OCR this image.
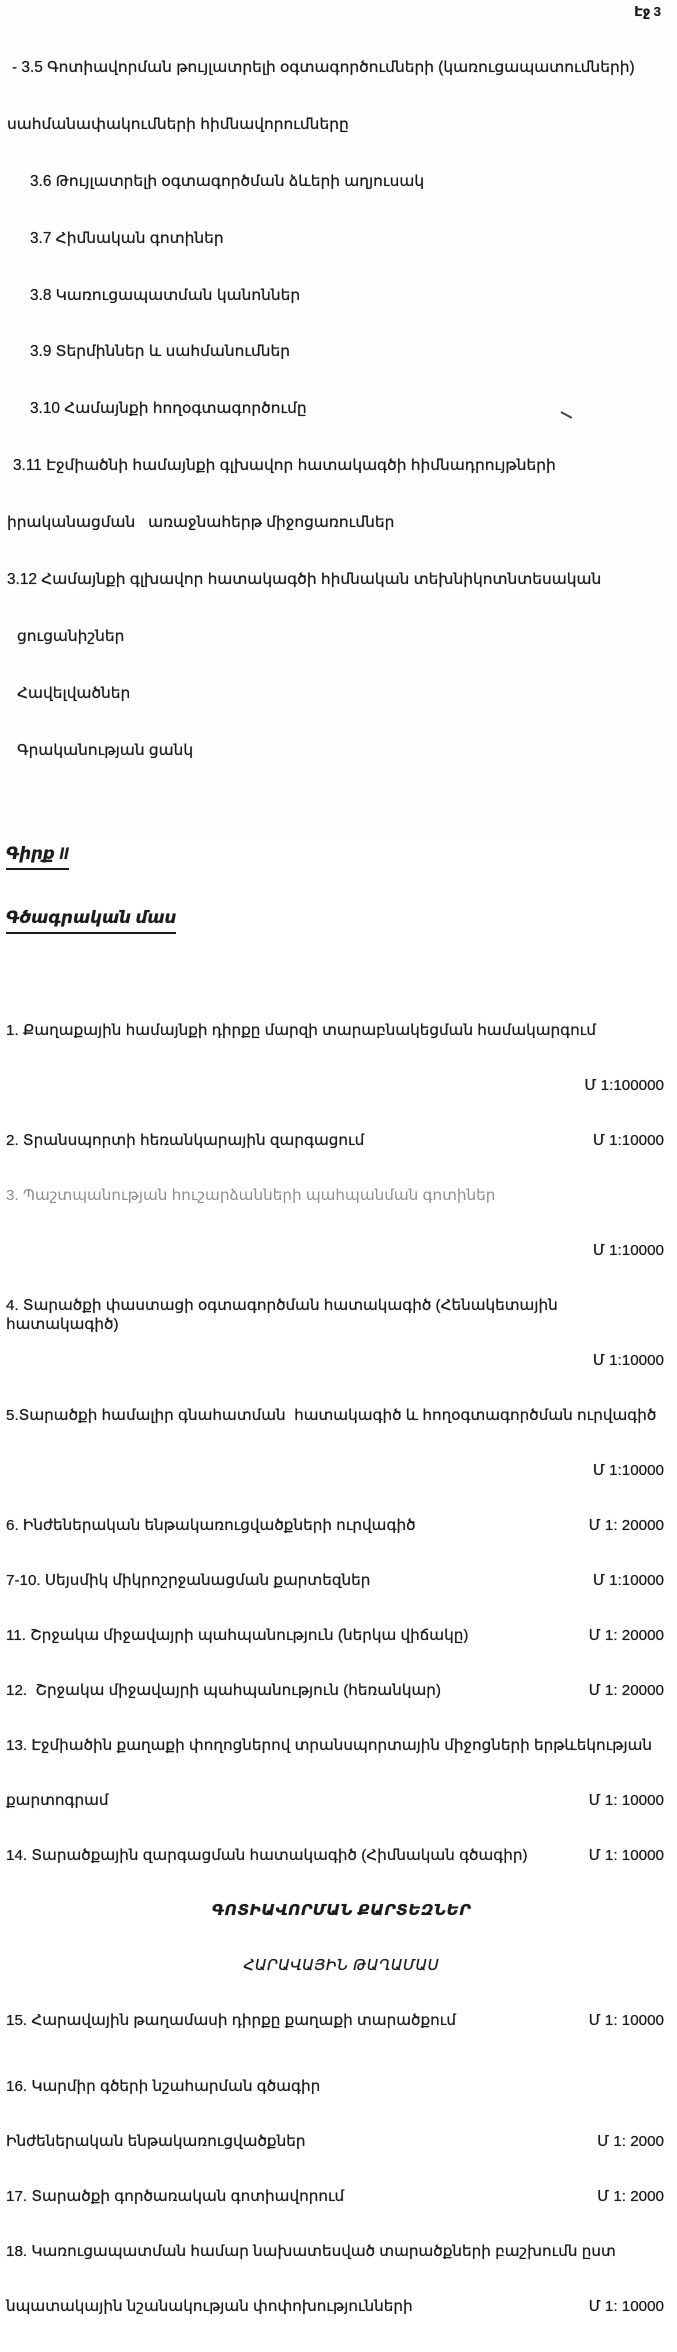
Էջ 3

- 3.5 Գոտիավորման թույլատրելի օգտագործումների (կառուցապատումների)

սահմանափակումների հիմնավորումները

3.6 Թույլատրելի օգտագործման ձևերի աղյուսակ

3.7 Հիմնական գոտիներ

3.8 Կառուցապատման կանոններ

3.9 Տերմիններ և սահմանումներ

3.10 Համայնքի հողօգտագործումը

3.11 Էջմիածնի համայնքի գլխավոր հատակագծի հիմնադրույթների

իրականացման   առաջնահերթ միջոցառումներ

3.12 Համայնքի գլխավոր հատակագծի հիմնական տեխնիկոտնտեսական

ցուցանիշներ

Հավելվածներ

Գրականության ցանկ

Գիրք II

Գծագրական մաս

1. Քաղաքային համայնքի դիրքը մարզի տարաբնակեցման համակարգում

Մ 1:100000

2. Տրանսպորտի հեռանկարային զարգացում	Մ 1:10000

3. Պաշտպանության հուշարձանների պահպանման գոտիներ

Մ 1:10000

4. Տարածքի փաստացի օգտագործման հատակագիծ (Հենակետային հատակագիծ)

Մ 1:10000

5.Տարածքի համալիր գնահատման  հատակագիծ և հողօգտագործման ուրվագիծ

Մ 1:10000

6. Ինժեներական ենթակառուցվածքների ուրվագիծ	Մ 1: 20000

7-10. Սեյսմիկ միկրոշրջանացման քարտեզներ	Մ 1:10000

11. Շրջակա միջավայրի պահպանություն (ներկա վիճակը)	Մ 1: 20000

12.  Շրջակա միջավայրի պահպանություն (հեռանկար)	Մ 1: 20000

13. Էջմիածին քաղաքի փողոցներով տրանսպորտային միջոցների երթևեկության

քարտոգրամ	Մ 1: 10000

14. Տարածքային զարգացման հատակագիծ (Հիմնական գծագիր)	Մ 1: 10000

ԳՈՏԻԱՎՈՐՄԱՆ ՔԱՐՏԵԶՆԵՐ

ՀԱՐԱՎԱՅԻՆ ԹԱՂԱՄԱՍ

15. Հարավային թաղամասի դիրքը քաղաքի տարածքում	Մ 1: 10000

16. Կարմիր գծերի նշահարման գծագիր

Ինժեներական ենթակառուցվածքներ	Մ 1: 2000

17. Տարածքի գործառական գոտիավորում	Մ 1: 2000

18. Կառուցապատման համար նախատեսված տարածքների բաշխումն ըստ

նպատակային նշանակության փոփոխությունների	Մ 1: 10000
